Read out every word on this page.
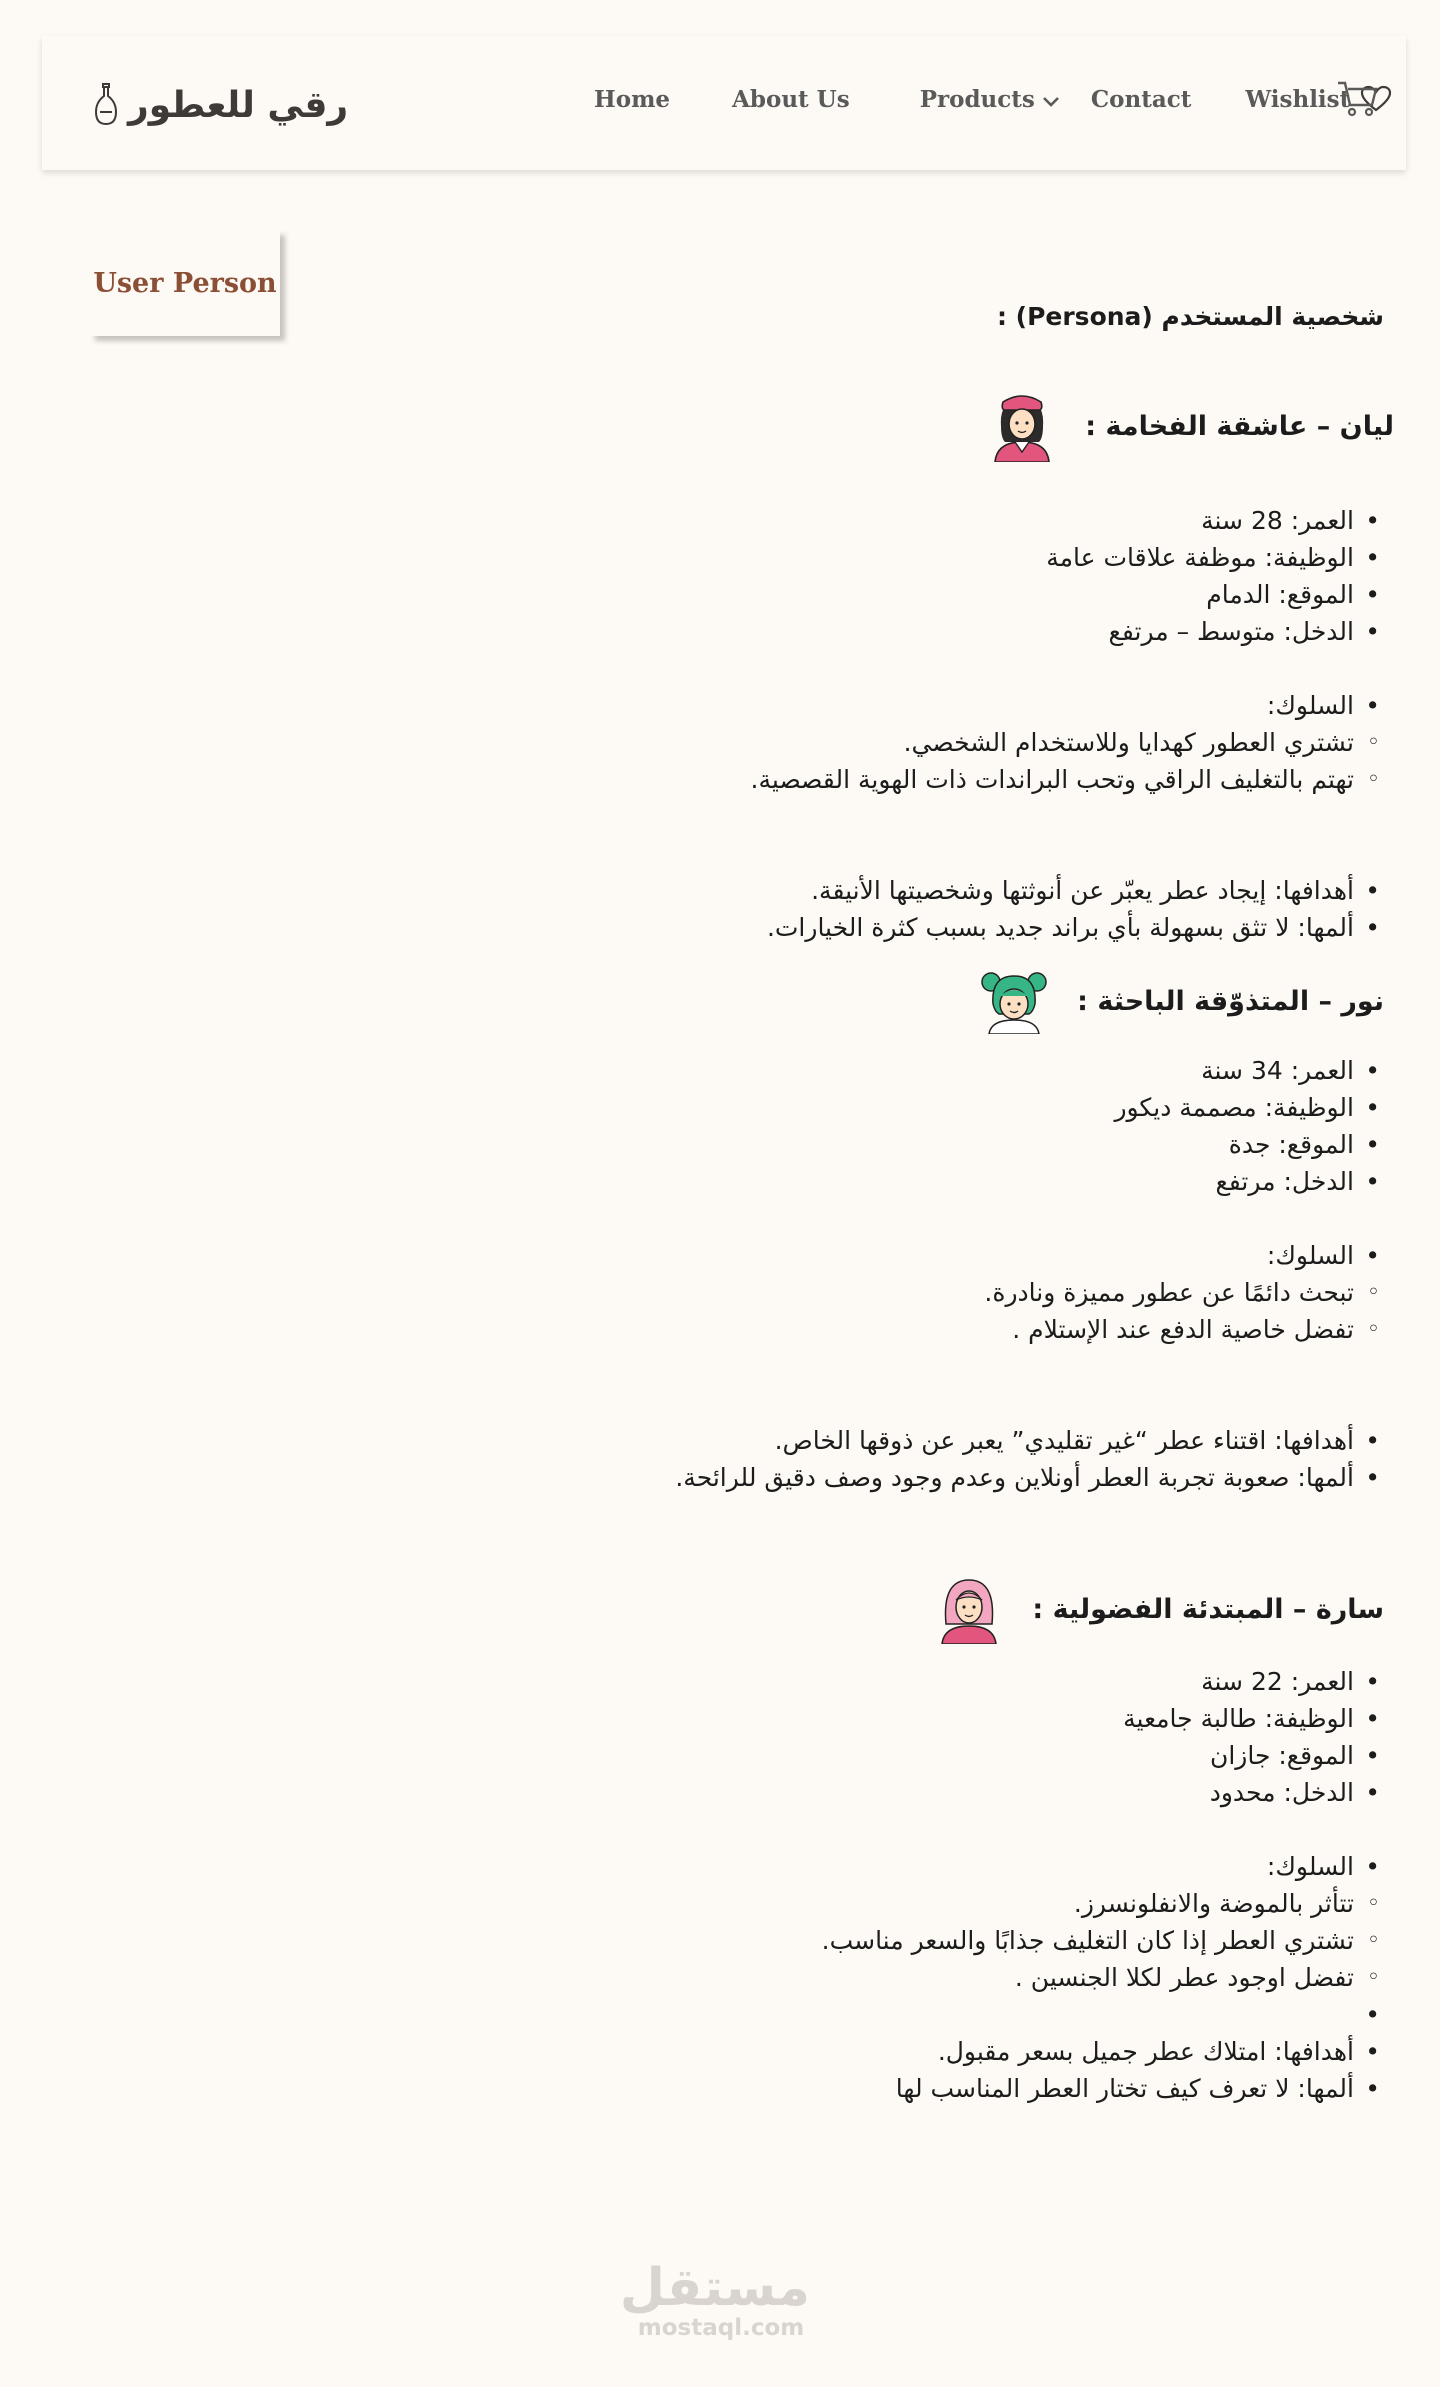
رقي للعطور	Home	About Us	Products Contact Wishlist
User Person
شخصية المستخدم (Persona) :
ليان – عاشقة الفخامة :
• العمر: 28 سنة
• الوظيفة: موظفة علاقات عامة
• الموقع: الدمام
• الدخل: متوسط – مرتفع
• السلوك:
◦ تشتري العطور كهدايا وللاستخدام الشخصي.
◦ تهتم بالتغليف الراقي وتحب البراندات ذات الهوية القصصية.
• أهدافها: إيجاد عطر يعبّر عن أنوثتها وشخصيتها الأنيقة.
• ألمها: لا تثق بسهولة بأي براند جديد بسبب كثرة الخيارات.
نور – المتذوّقة الباحثة :
• العمر: 34 سنة
• الوظيفة: مصممة ديكور
• الموقع: جدة
• الدخل: مرتفع
• السلوك:
◦ تبحث دائمًا عن عطور مميزة ونادرة.
◦ تفضل خاصية الدفع عند الإستلام .
• أهدافها: اقتناء عطر “غير تقليدي” يعبر عن ذوقها الخاص.
• ألمها: صعوبة تجربة العطر أونلاين وعدم وجود وصف دقيق للرائحة.
سارة – المبتدئة الفضولية :
• العمر: 22 سنة
• الوظيفة: طالبة جامعية
• الموقع: جازان
• الدخل: محدود
• السلوك:
◦ تتأثر بالموضة والانفلونسرز.
◦ تشتري العطر إذا كان التغليف جذابًا والسعر مناسب.
◦ تفضل اوجود عطر لكلا الجنسين .
•
• أهدافها: امتلاك عطر جميل بسعر مقبول.
• ألمها: لا تعرف كيف تختار العطر المناسب لها
مستقل
mostaql.com
